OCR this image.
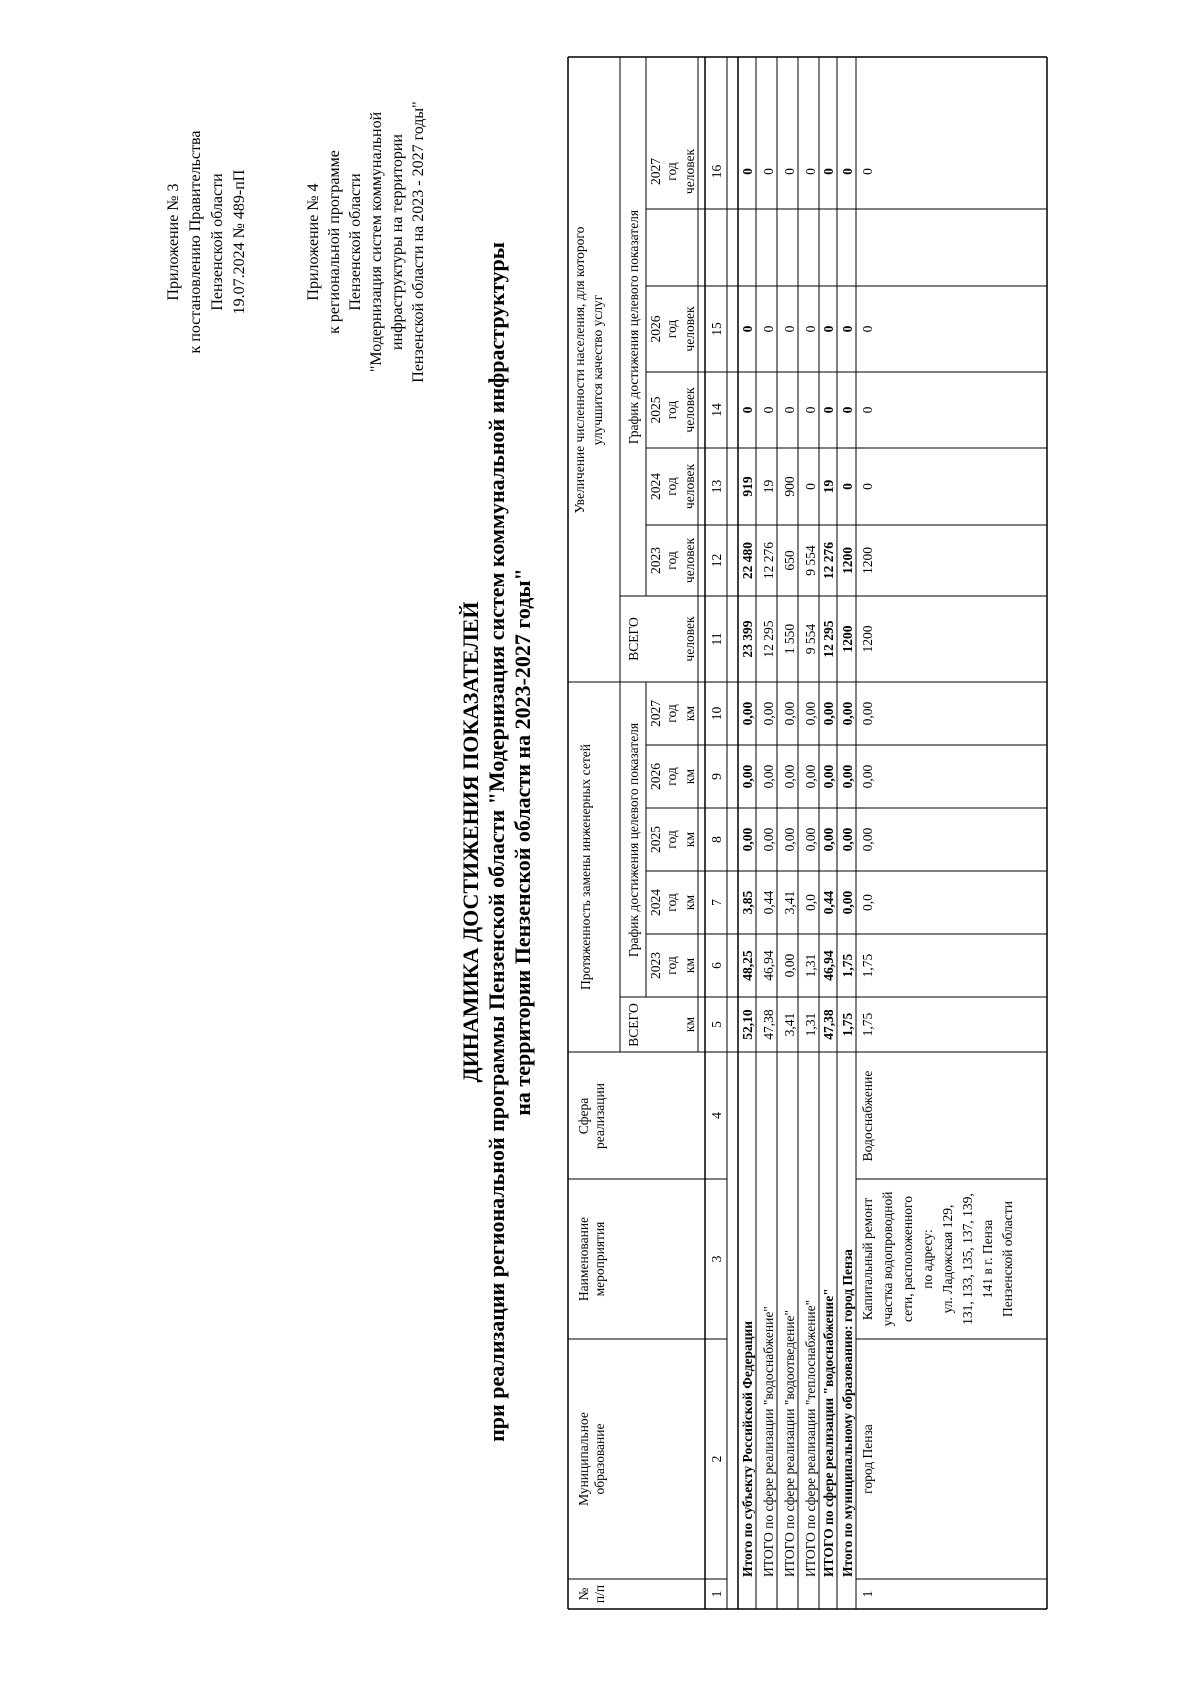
Приложение № 3 к постановлению Правительства Пензенской области 19.07.2024 № 489-пП	Приложение № 4 к региональной программе Пензенской области "Модернизация систем коммунальной инфраструктуры на территории Пензенской области на 2023 - 2027 годы"
ДИНАМИКА ДОСТИЖЕНИЯ ПОКАЗАТЕЛЕЙ при реализации региональной программы Пензенской области "Модернизация систем коммунальной инфраструктуры на территории Пензенской области на 2023-2027 годы"
№ п/п
Муниципальное образование
Наименование мероприятия
Сфера реализации
Протяженность замены инженерных сетей
Увеличение численности населения, для которого улучшится качество услуг
ВСЕГО
ВСЕГО
График достижения целевого показателя
График достижения целевого показателя
2023 год
2024 год
2025 год
2026 год
2027 год
2023 год
2024 год
2025 год
2026 год
2027 год
км
км
км
км
км
км
человек
человек
человек
человек
человек
человек
1
2
3
4
5
6
7
8
9
10
11
12
13
14
15
16
Итого по субъекту Российской Федерации
52,10
48,25
3,85
0,00
0,00
0,00
23 399
22 480
919
0
0
0
ИТОГО по сфере реализации "водоснабжение"
47,38
46,94
0,44
0,00
0,00
0,00
12 295
12 276
19
0
0
0
ИТОГО по сфере реализации "водоотведение"
3,41
0,00
3,41
0,00
0,00
0,00
1 550
650
900
0
0
0
ИТОГО по сфере реализации "теплоснабжение"
1,31
1,31
0,0
0,00
0,00
0,00
9 554
9 554
0
0
0
0
ИТОГО по сфере реализации "водоснабжение"
47,38
46,94
0,44
0,00
0,00
0,00
12 295
12 276
19
0
0
0
Итого по муниципальному образованию: город Пенза
1,75
1,75
0,00
0,00
0,00
0,00
1200
1200
0
0
0
0
1
город Пенза
Капитальный ремонт участка водопроводной сети, расположенного по адресу: ул. Ладожская 129, 131, 133, 135, 137, 139, 141 в г. Пенза Пензенской области
Водоснабжение
1,75
1,75
0,0
0,00
0,00
0,00
1200
1200
0
0
0
0
